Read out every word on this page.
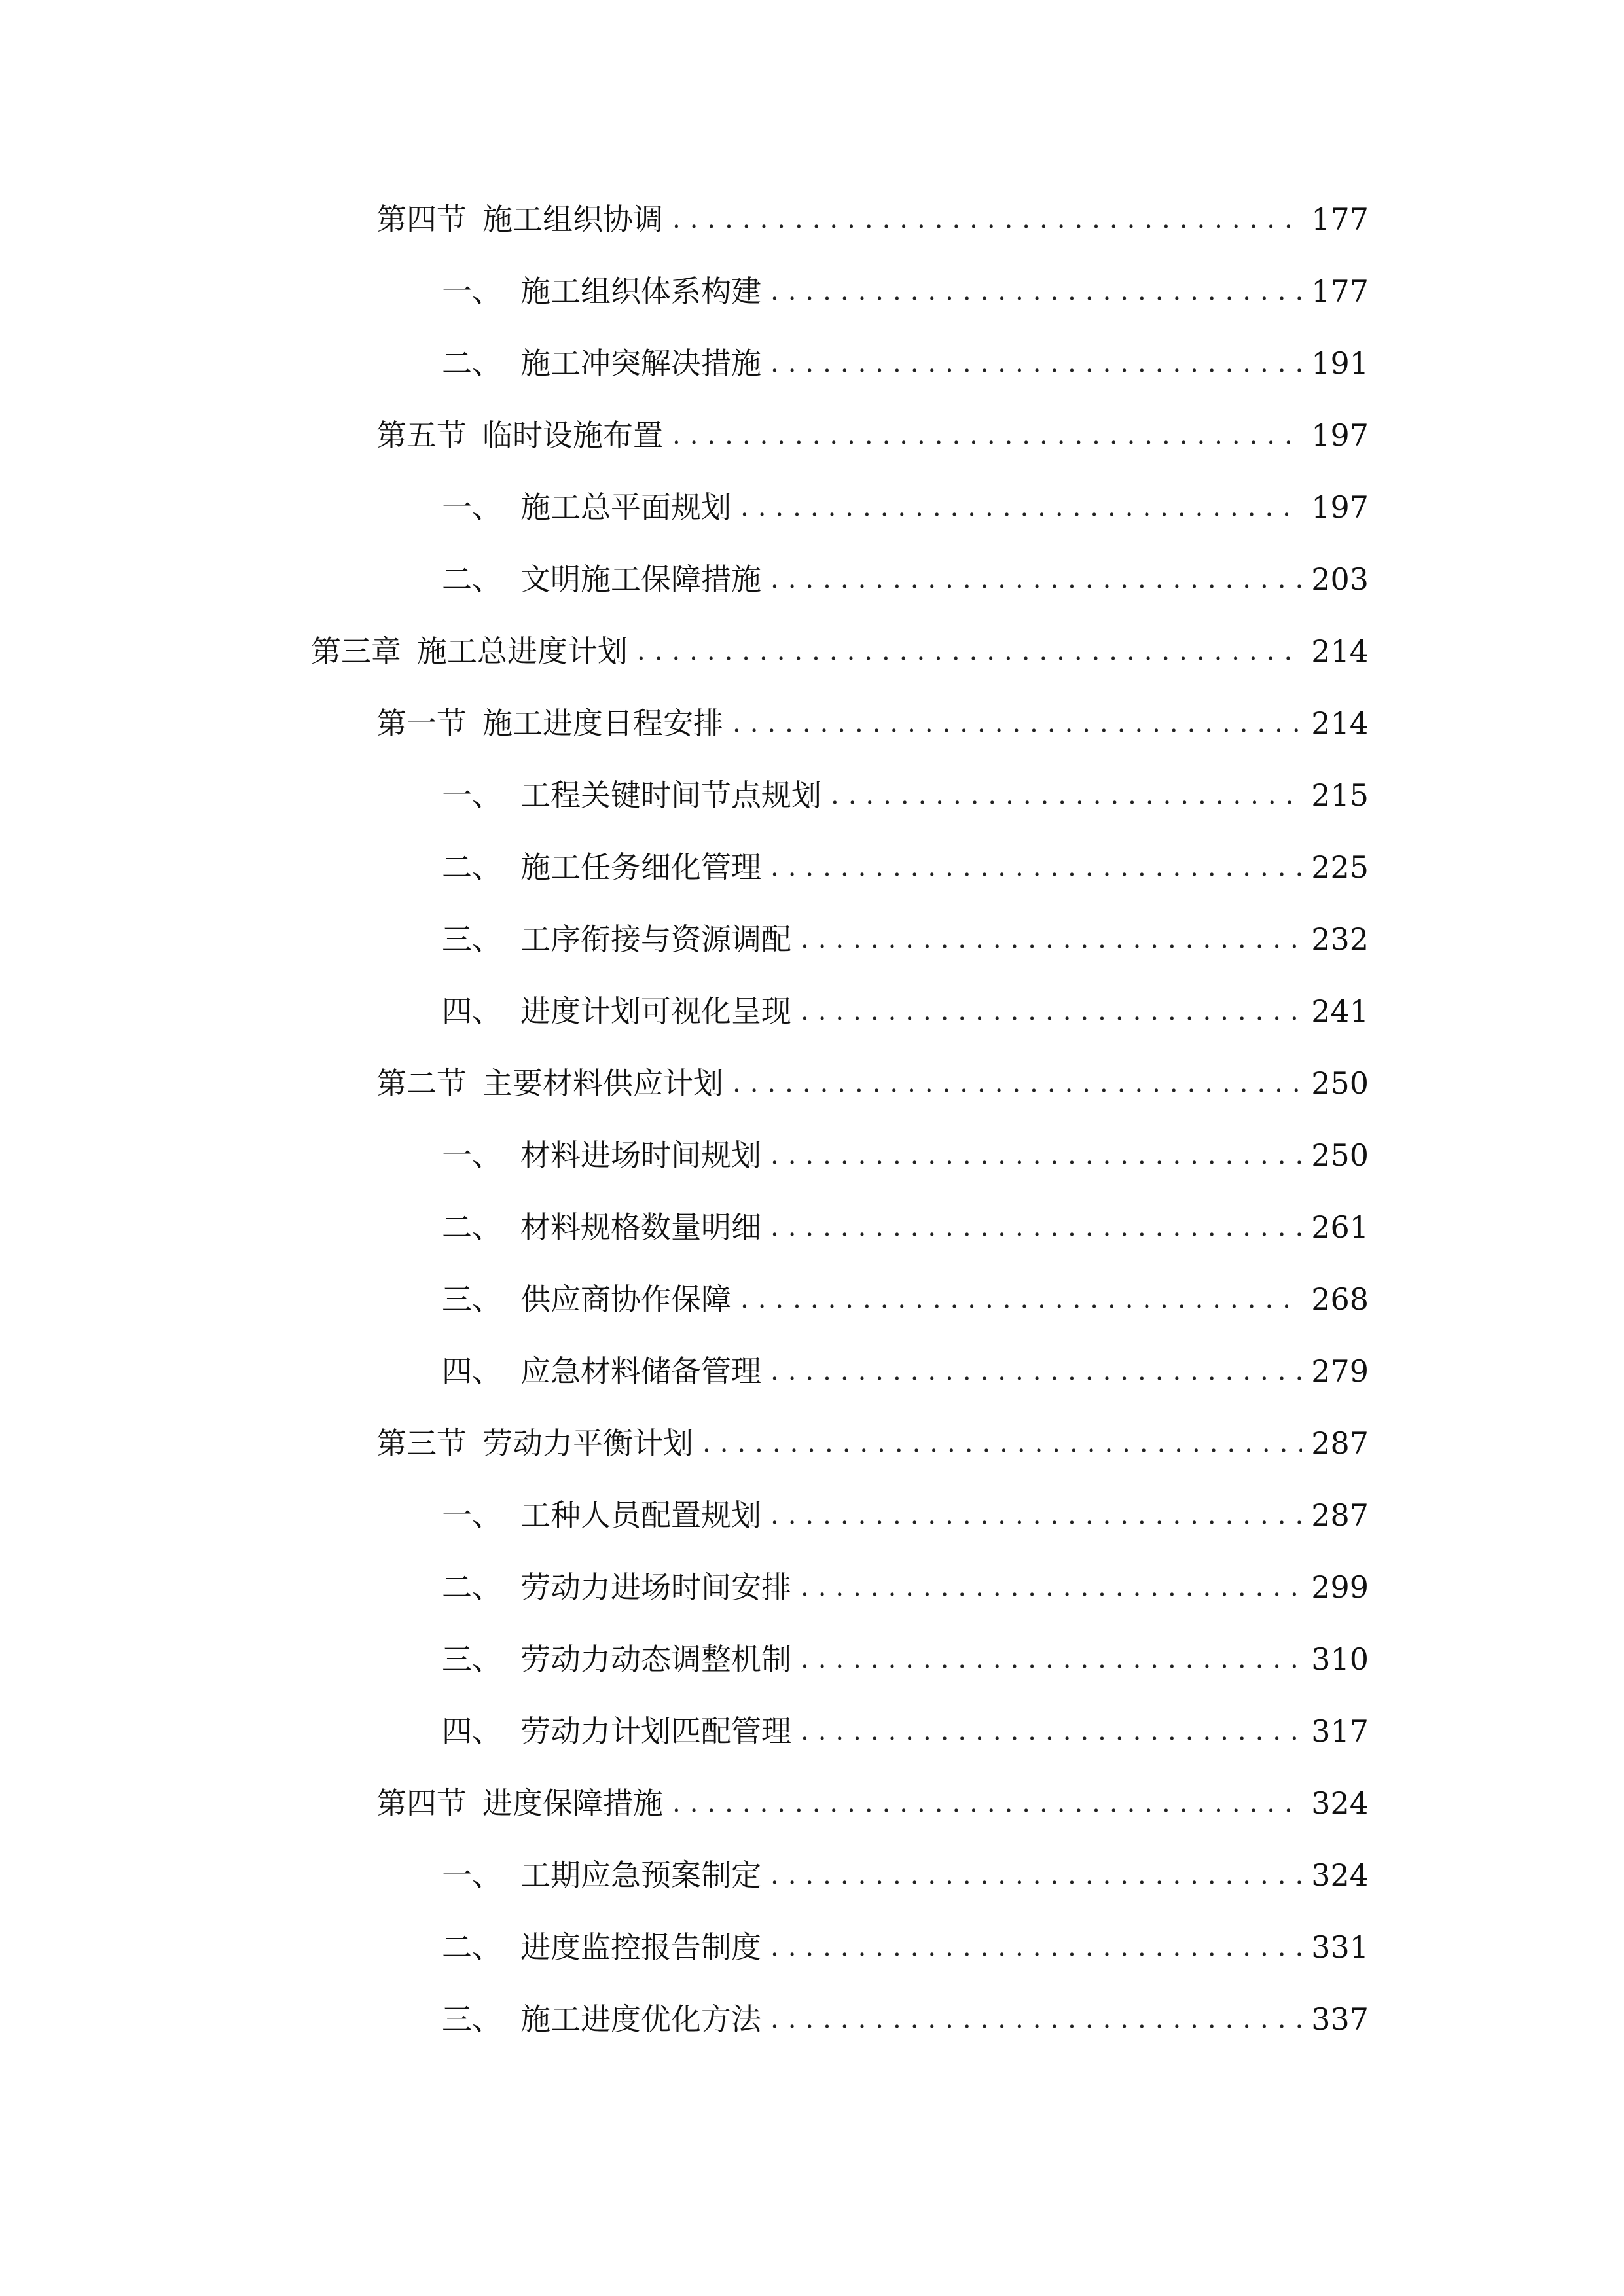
第四节 施工组织协调 .....	177
一、 施工组织体系构建 .....	177
二、 施工冲突解决措施 .....	191
第五节 临时设施布置 .....	197
一、 施工总平面规划 .....	197
二、 文明施工保障措施 .....	203
第三章 施工总进度计划 .....	214
第一节 施工进度日程安排 .....	214
一、 工程关键时间节点规划 .....	215
二、 施工任务细化管理 .....	225
三、 工序衔接与资源调配 .....	232
四、 进度计划可视化呈现 .....	241
第二节 主要材料供应计划 .....	250
一、 材料进场时间规划 .....	250
二、 材料规格数量明细 .....	261
三、 供应商协作保障 .....	268
四、 应急材料储备管理 .....	279
第三节 劳动力平衡计划 .....	287
一、 工种人员配置规划 .....	287
二、 劳动力进场时间安排 .....	299
三、 劳动力动态调整机制 .....	310
四、 劳动力计划匹配管理 .....	317
第四节 进度保障措施 .....	324
一、 工期应急预案制定 .....	324
二、 进度监控报告制度 .....	331
三、 施工进度优化方法 .....	337
